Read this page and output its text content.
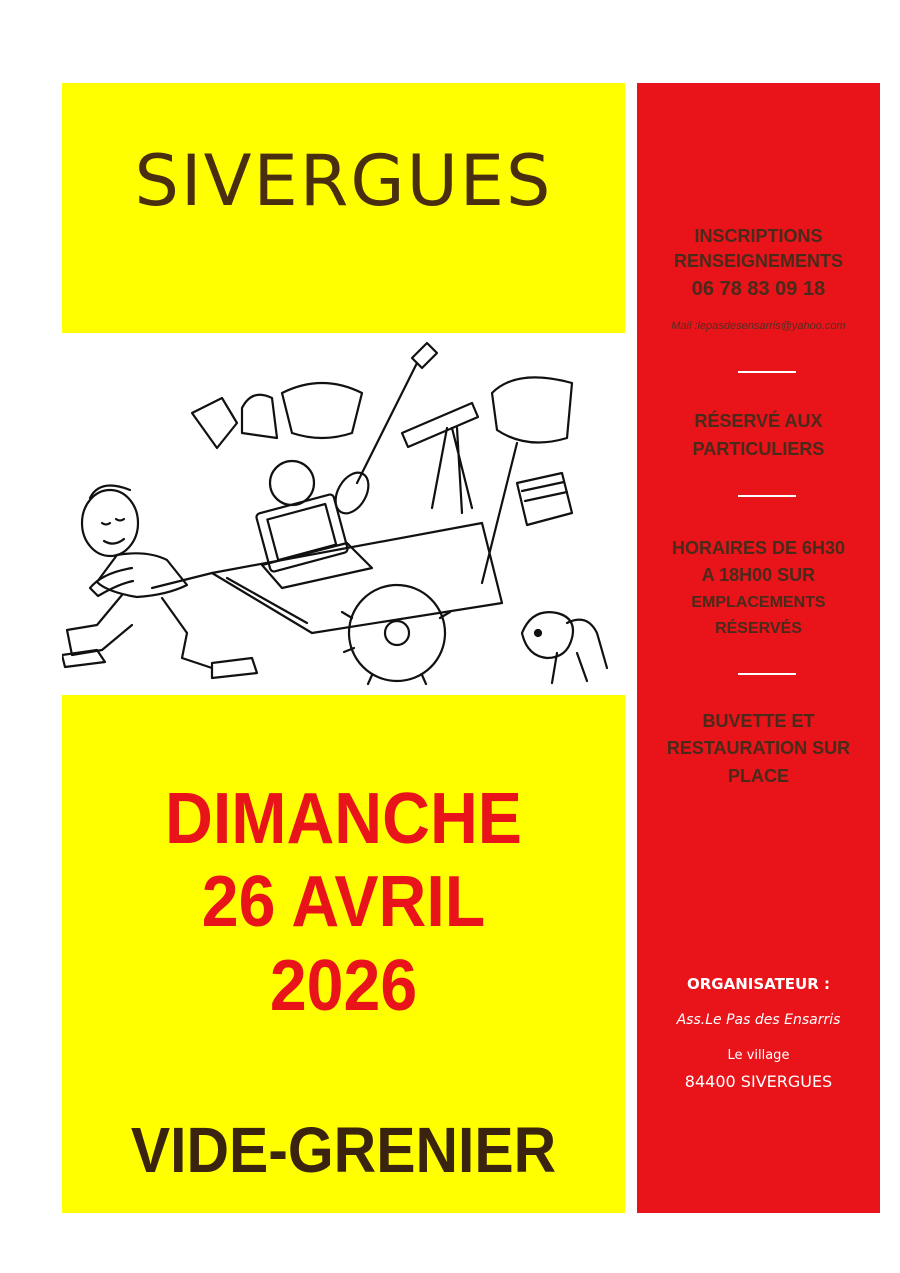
SIVERGUES
DIMANCHE
26 AVRIL
2026
VIDE-GRENIER
INSCRIPTIONS
RENSEIGNEMENTS
06 78 83 09 18
Mail :lepasdesensarris@yahoo.com
RÉSERVÉ AUX
PARTICULIERS
HORAIRES DE 6H30
A 18H00 SUR
EMPLACEMENTS
RÉSERVÉS
BUVETTE ET
RESTAURATION SUR
PLACE
ORGANISATEUR :
Ass.Le Pas des Ensarris
Le village
84400 SIVERGUES
